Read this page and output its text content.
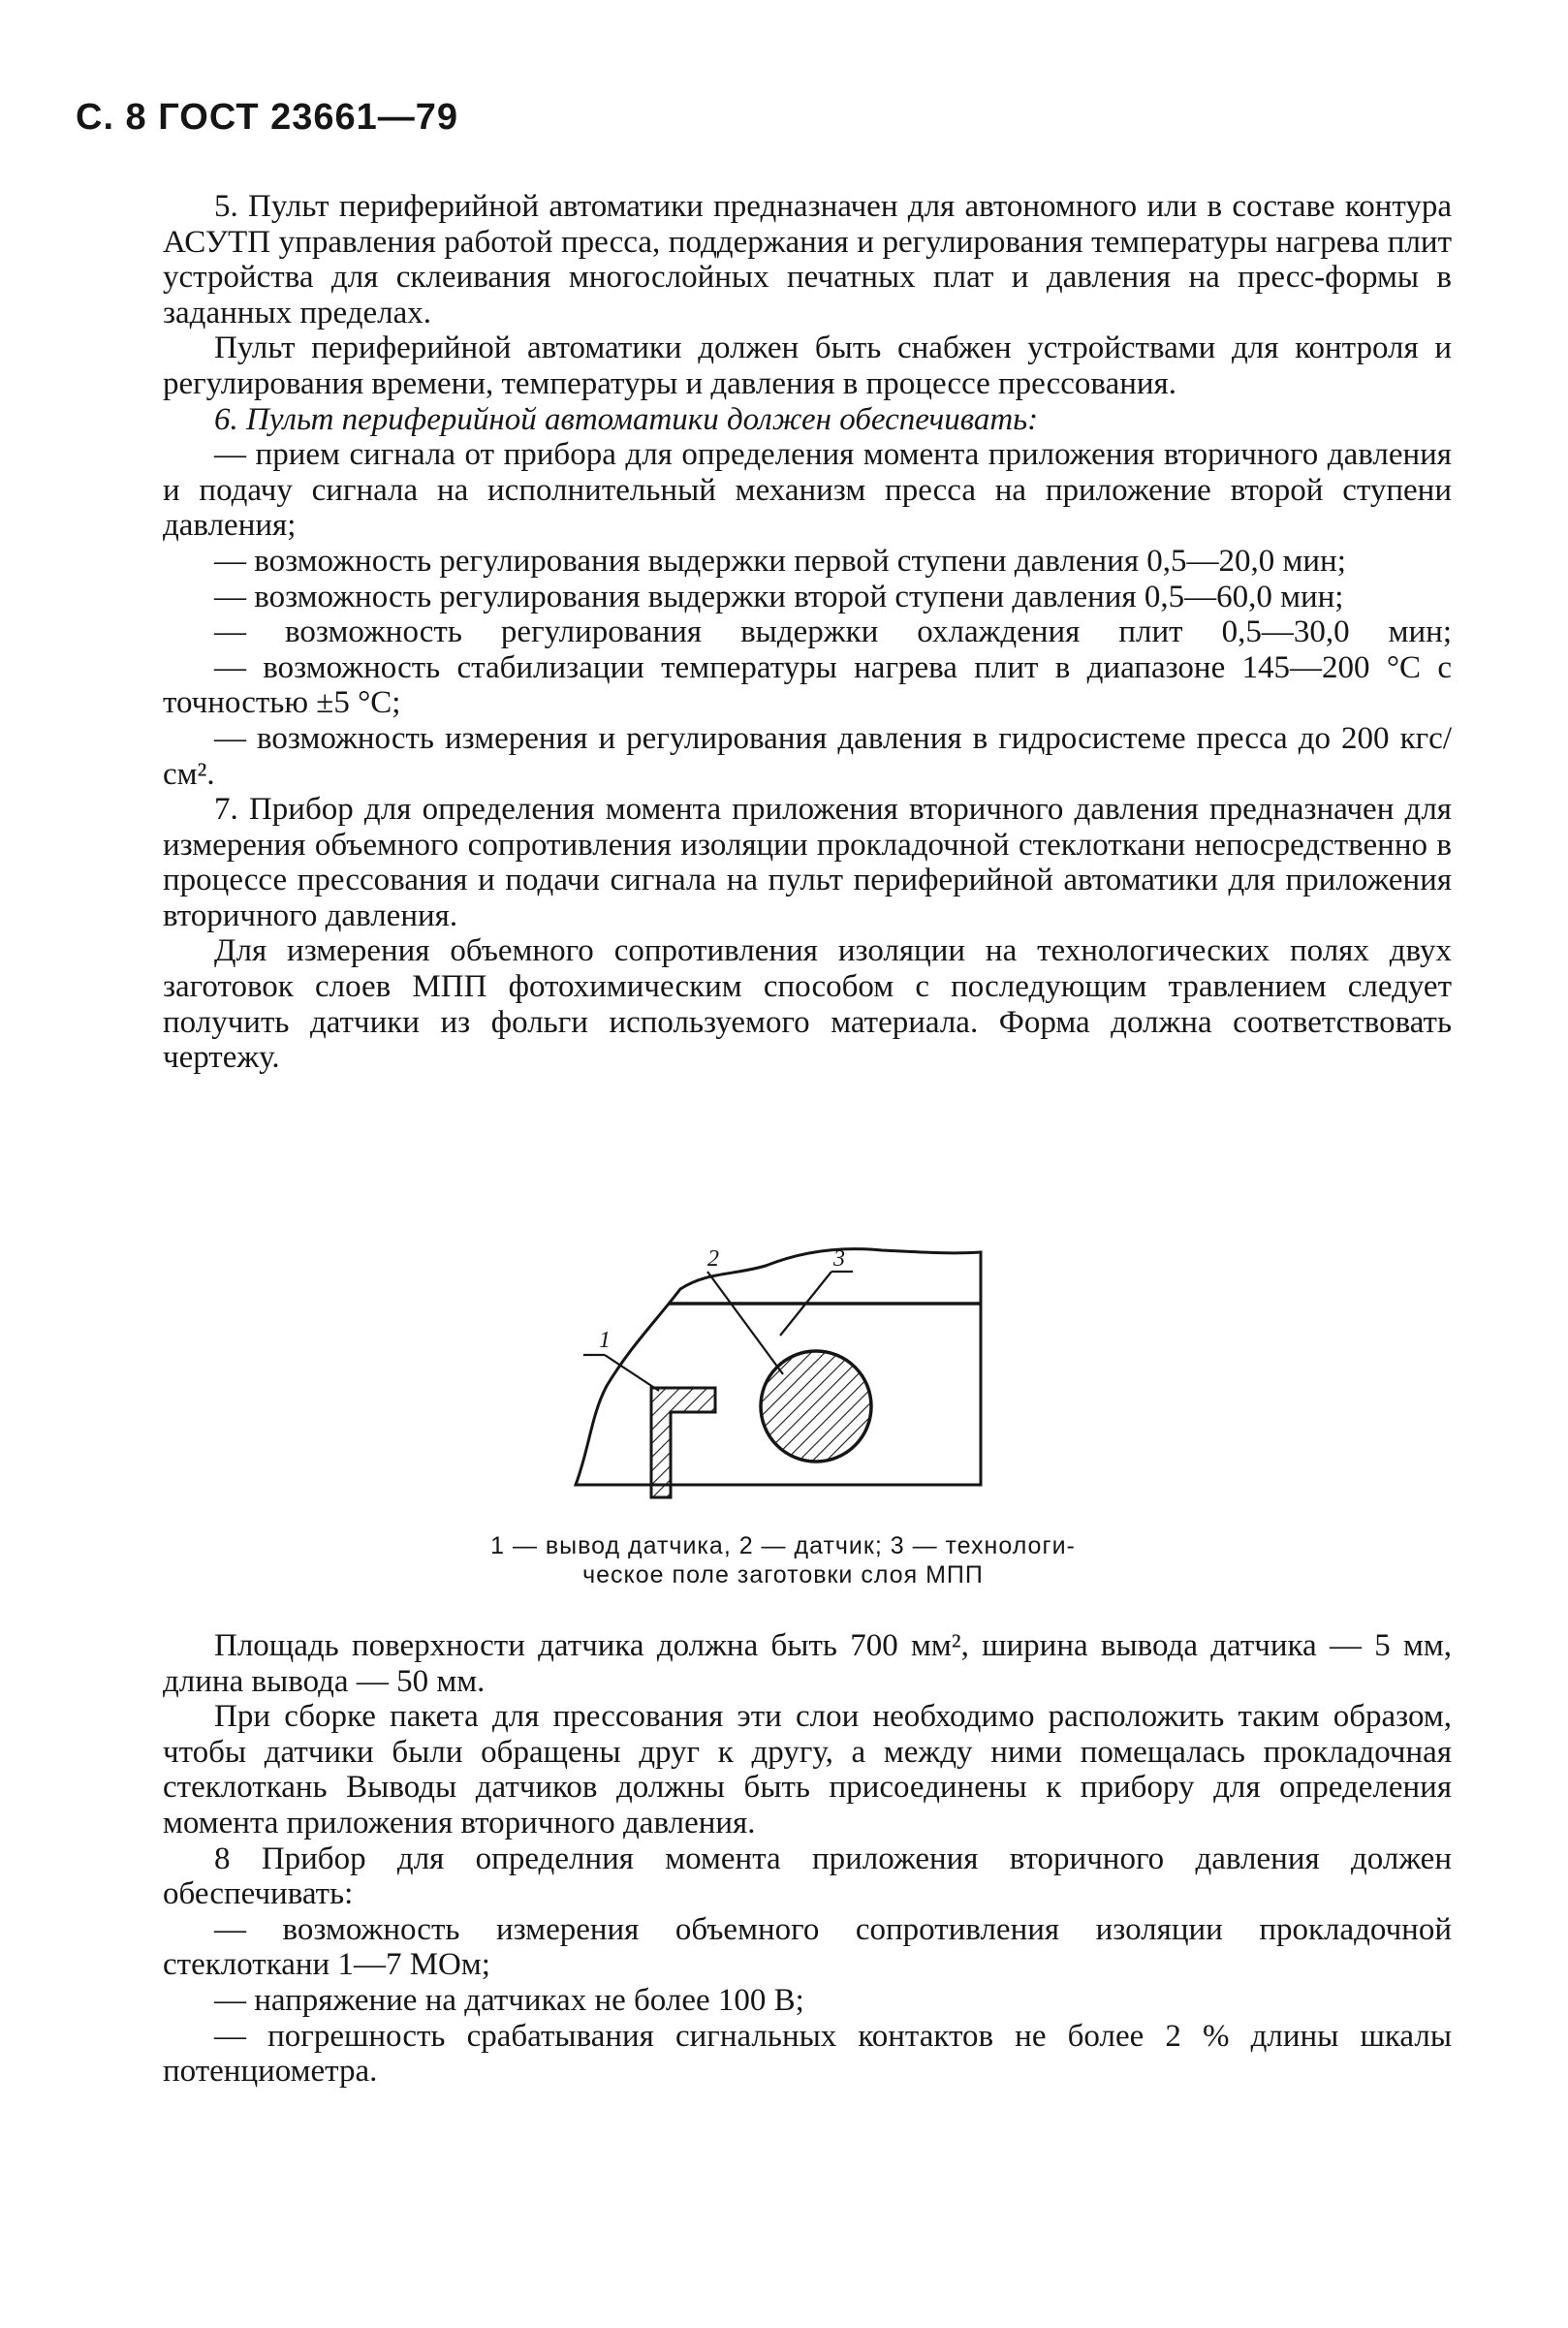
С. 8 ГОСТ 23661—79

5. Пульт периферийной автоматики предназначен для автономного или в составе контура АСУТП управления работой пресса, поддержания и регулирования температуры нагрева плит устройства для склеивания многослойных печатных плат и давления на пресс-формы в заданных пределах.

Пульт периферийной автоматики должен быть снабжен устройствами для контроля и регулирования времени, температуры и давления в процессе прессования.

6. Пульт периферийной автоматики должен обеспечивать:

— прием сигнала от прибора для определения момента приложения вторичного давления и подачу сигнала на исполнительный механизм пресса на приложение второй ступени давления;

— возможность регулирования выдержки первой ступени давления 0,5—20,0 мин;

— возможность регулирования выдержки второй ступени давления 0,5—60,0 мин;

— возможность регулирования выдержки охлаждения плит 0,5—30,0 мин;

— возможность стабилизации температуры нагрева плит в диапазоне 145—200 °С с точностью ±5 °С;

— возможность измерения и регулирования давления в гидросистеме пресса до 200 кгс/см².

7. Прибор для определения момента приложения вторичного давления предназначен для измерения объемного сопротивления изоляции прокладочной стеклоткани непосредственно в процессе прессования и подачи сигнала на пульт периферийной автоматики для приложения вторичного давления.

Для измерения объемного сопротивления изоляции на технологических полях двух заготовок слоев МПП фотохимическим способом с последующим травлением следует получить датчики из фольги используемого материала. Форма должна соответствовать чертежу.

1
2	3
1 — вывод датчика, 2 — датчик; 3 — технологи-
ческое поле заготовки слоя МПП

Площадь поверхности датчика должна быть 700 мм², ширина вывода датчика — 5 мм, длина вывода — 50 мм.

При сборке пакета для прессования эти слои необходимо расположить таким образом, чтобы датчики были обращены друг к другу, а между ними помещалась прокладочная стеклоткань Выводы датчиков должны быть присоединены к прибору для определения момента приложения вторичного давления.

8 Прибор для определния момента приложения вторичного давления должен обеспечивать:

— возможность измерения объемного сопротивления изоляции прокладочной стеклоткани 1—7 МОм;

— напряжение на датчиках не более 100 В;

— погрешность срабатывания сигнальных контактов не более 2 % длины шкалы потенциометра.
